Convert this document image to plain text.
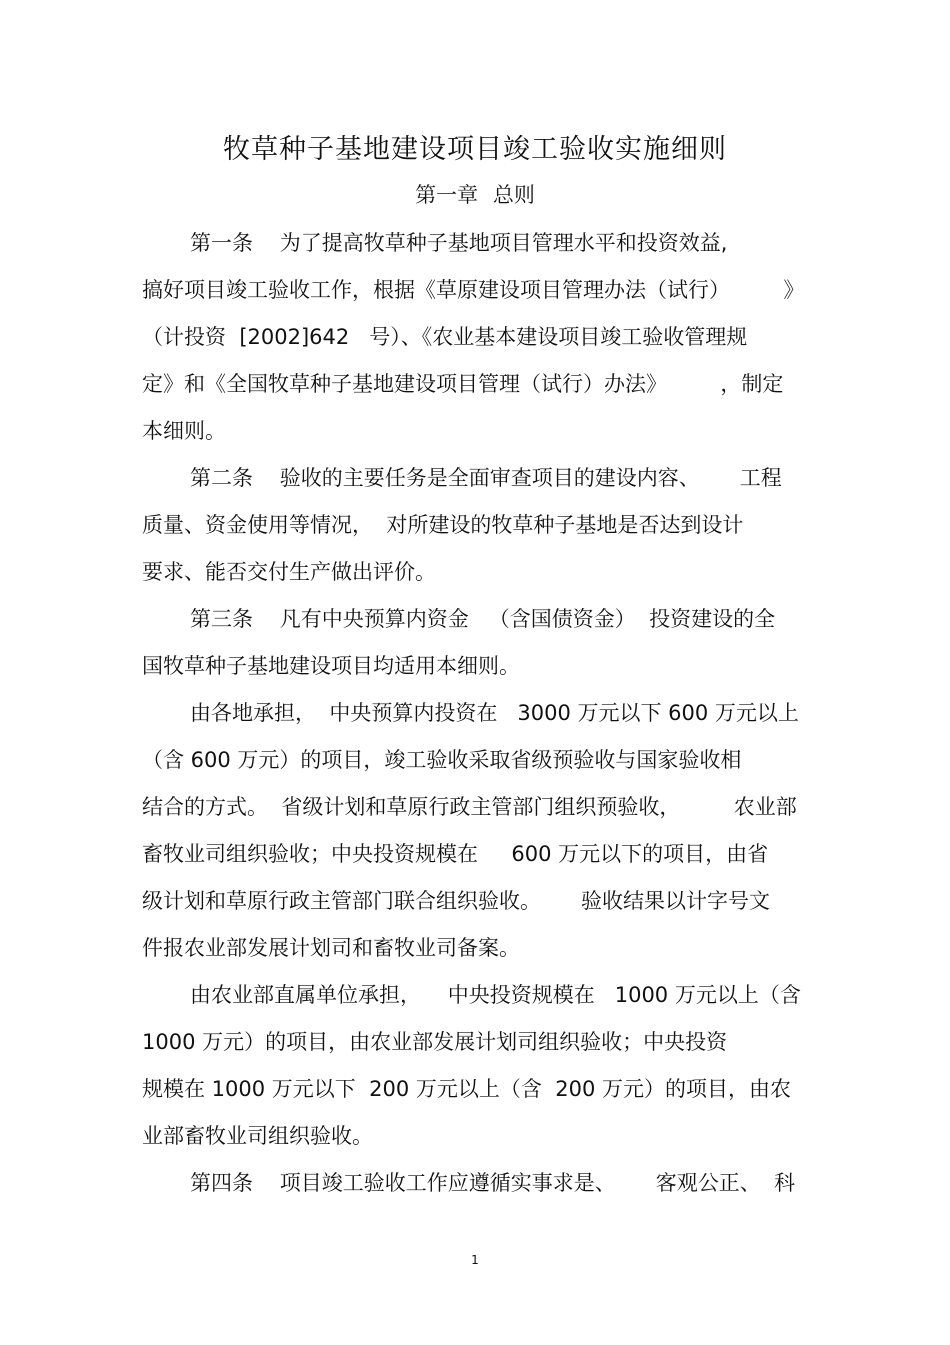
牧草种子基地建设项目竣工验收实施细则
第一章 总则
第一条    为了提高牧草种子基地项目管理水平和投资效益,
搞好项目竣工验收工作，根据《草原建设项目管理办法（试行）        》
（计投资  [2002]642   号）、《农业基本建设项目竣工验收管理规
定》和《全国牧草种子基地建设项目管理（试行）办法》        ，制定
本细则。
第二条    验收的主要任务是全面审查项目的建设内容、      工程
质量、资金使用等情况，  对所建设的牧草种子基地是否达到设计
要求、能否交付生产做出评价。
第三条    凡有中央预算内资金   （含国债资金）  投资建设的全
国牧草种子基地建设项目均适用本细则。
由各地承担，  中央预算内投资在   3000 万元以下 600 万元以上
（含 600 万元）的项目，竣工验收采取省级预验收与国家验收相
结合的方式。  省级计划和草原行政主管部门组织预验收，        农业部
畜牧业司组织验收；中央投资规模在     600 万元以下的项目，由省
级计划和草原行政主管部门联合组织验收。      验收结果以计字号文
件报农业部发展计划司和畜牧业司备案。
由农业部直属单位承担，    中央投资规模在   1000 万元以上（含
1000 万元）的项目，由农业部发展计划司组织验收；中央投资
规模在 1000 万元以下  200 万元以上（含  200 万元）的项目，由农
业部畜牧业司组织验收。
第四条    项目竣工验收工作应遵循实事求是、      客观公正、  科
1
